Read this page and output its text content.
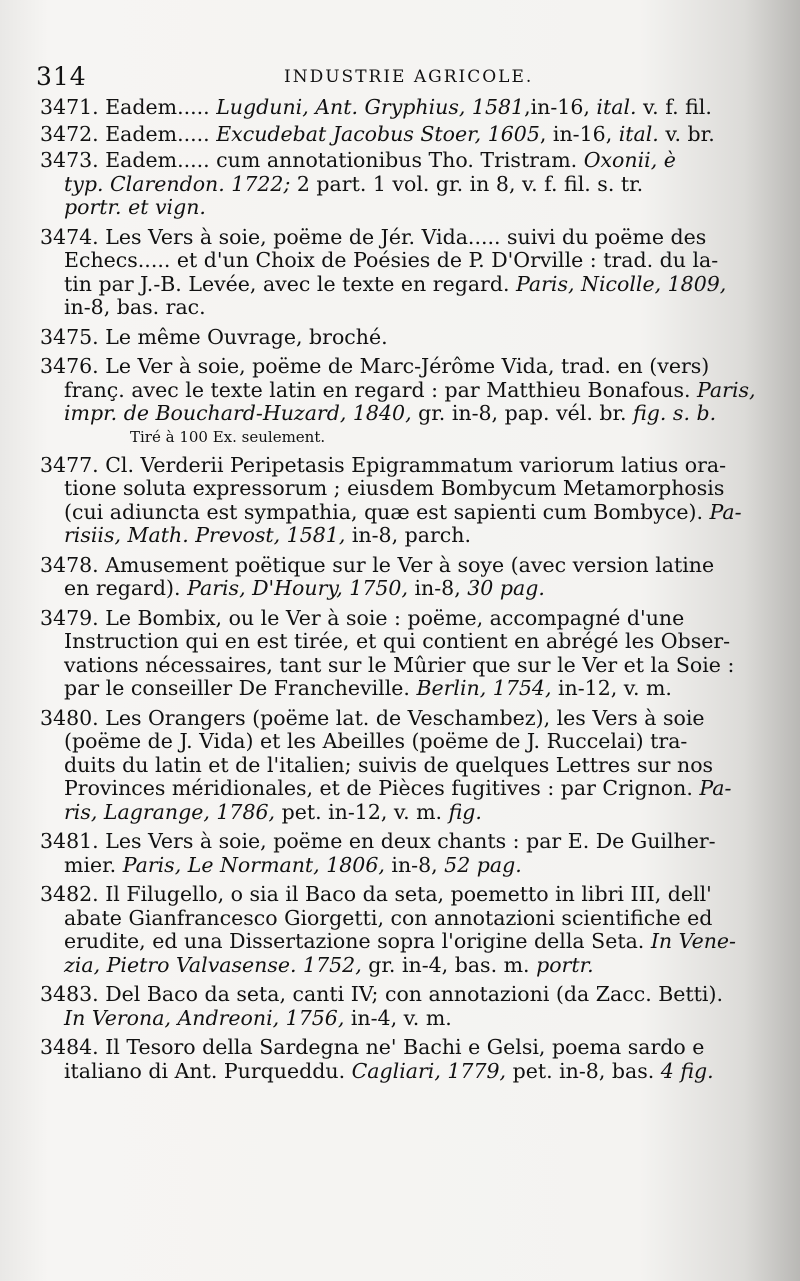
314	INDUSTRIE AGRICOLE.
3471. Eadem..... Lugduni, Ant. Gryphius, 1581,in-16, ital. v. f. fil.
3472. Eadem..... Excudebat Jacobus Stoer, 1605, in-16, ital. v. br.
3473. Eadem..... cum annotationibus Tho. Tristram. Oxonii, è
typ. Clarendon. 1722; 2 part. 1 vol. gr. in 8, v. f. fil. s. tr.
portr. et vign.
3474. Les Vers à soie, poëme de Jér. Vida..... suivi du poëme des
Echecs..... et d'un Choix de Poésies de P. D'Orville : trad. du la-
tin par J.-B. Levée, avec le texte en regard. Paris, Nicolle, 1809,
in-8, bas. rac.
3475. Le même Ouvrage, broché.
3476. Le Ver à soie, poëme de Marc-Jérôme Vida, trad. en (vers)
franç. avec le texte latin en regard : par Matthieu Bonafous. Paris,
impr. de Bouchard-Huzard, 1840, gr. in-8, pap. vél. br. fig. s. b.
Tiré à 100 Ex. seulement.
3477. Cl. Verderii Peripetasis Epigrammatum variorum latius ora-
tione soluta expressorum ; eiusdem Bombycum Metamorphosis
(cui adiuncta est sympathia, quæ est sapienti cum Bombyce). Pa-
risiis, Math. Prevost, 1581, in-8, parch.
3478. Amusement poëtique sur le Ver à soye (avec version latine
en regard). Paris, D'Houry, 1750, in-8, 30 pag.
3479. Le Bombix, ou le Ver à soie : poëme, accompagné d'une
Instruction qui en est tirée, et qui contient en abrégé les Obser-
vations nécessaires, tant sur le Mûrier que sur le Ver et la Soie :
par le conseiller De Francheville. Berlin, 1754, in-12, v. m.
3480. Les Orangers (poëme lat. de Veschambez), les Vers à soie
(poëme de J. Vida) et les Abeilles (poëme de J. Ruccelai) tra-
duits du latin et de l'italien; suivis de quelques Lettres sur nos
Provinces méridionales, et de Pièces fugitives : par Crignon. Pa-
ris, Lagrange, 1786, pet. in-12, v. m. fig.
3481. Les Vers à soie, poëme en deux chants : par E. De Guilher-
mier. Paris, Le Normant, 1806, in-8, 52 pag.
3482. Il Filugello, o sia il Baco da seta, poemetto in libri III, dell'
abate Gianfrancesco Giorgetti, con annotazioni scientifiche ed
erudite, ed una Dissertazione sopra l'origine della Seta. In Vene-
zia, Pietro Valvasense. 1752, gr. in-4, bas. m. portr.
3483. Del Baco da seta, canti IV; con annotazioni (da Zacc. Betti).
In Verona, Andreoni, 1756, in-4, v. m.
3484. Il Tesoro della Sardegna ne' Bachi e Gelsi, poema sardo e
italiano di Ant. Purqueddu. Cagliari, 1779, pet. in-8, bas. 4 fig.
